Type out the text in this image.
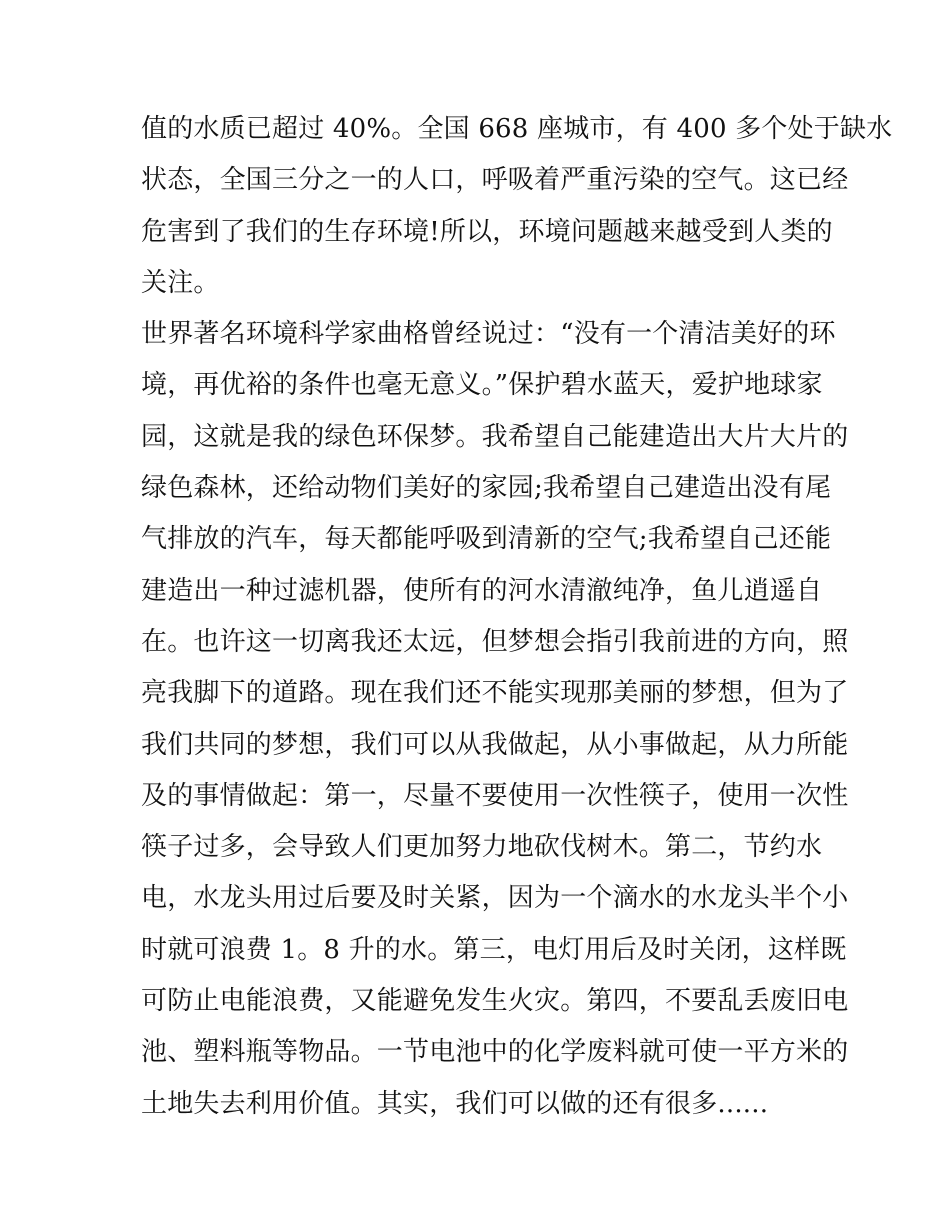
值的水质已超过 40%。全国 668 座城市，有 400 多个处于缺水
状态，全国三分之一的人口，呼吸着严重污染的空气。这已经
危害到了我们的生存环境!所以，环境问题越来越受到人类的
关注。
世界著名环境科学家曲格曾经说过：“没有一个清洁美好的环
境，再优裕的条件也毫无意义。”保护碧水蓝天，爱护地球家
园，这就是我的绿色环保梦。我希望自己能建造出大片大片的
绿色森林，还给动物们美好的家园;我希望自己建造出没有尾
气排放的汽车，每天都能呼吸到清新的空气;我希望自己还能
建造出一种过滤机器，使所有的河水清澈纯净，鱼儿逍遥自
在。也许这一切离我还太远，但梦想会指引我前进的方向，照
亮我脚下的道路。现在我们还不能实现那美丽的梦想，但为了
我们共同的梦想，我们可以从我做起，从小事做起，从力所能
及的事情做起：第一，尽量不要使用一次性筷子，使用一次性
筷子过多，会导致人们更加努力地砍伐树木。第二，节约水
电，水龙头用过后要及时关紧，因为一个滴水的水龙头半个小
时就可浪费 1。8 升的水。第三，电灯用后及时关闭，这样既
可防止电能浪费，又能避免发生火灾。第四，不要乱丢废旧电
池、塑料瓶等物品。一节电池中的化学废料就可使一平方米的
土地失去利用价值。其实，我们可以做的还有很多......
